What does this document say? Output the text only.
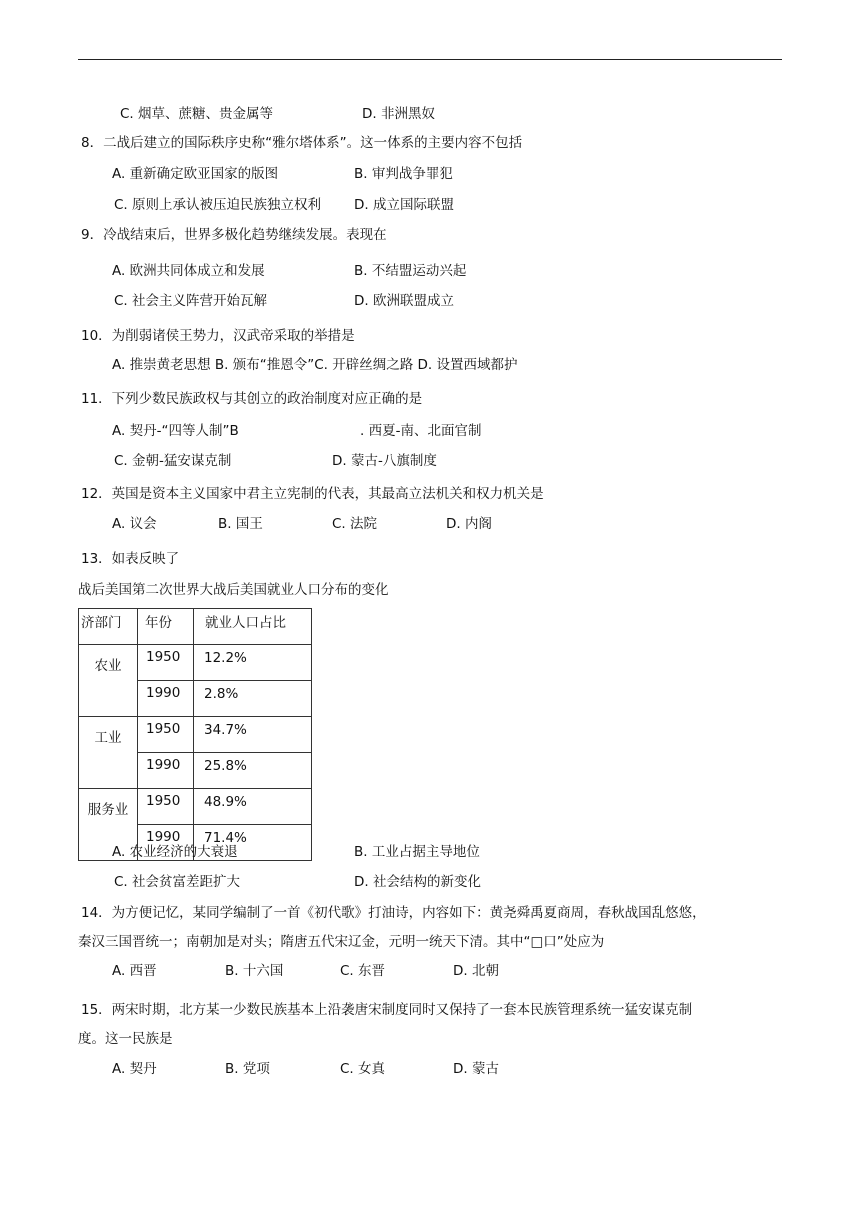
C. 烟草、蔗糖、贵金属等	D. 非洲黑奴
8．二战后建立的国际秩序史称“雅尔塔体系”。这一体系的主要内容不包括
A. 重新确定欧亚国家的版图	B. 审判战争罪犯
C. 原则上承认被压迫民族独立权利 D. 成立国际联盟
9．冷战结束后，世界多极化趋势继续发展。表现在
A. 欧洲共同体成立和发展	B. 不结盟运动兴起
C. 社会主义阵营开始瓦解	D. 欧洲联盟成立
10．为削弱诸侯王势力，汉武帝采取的举措是
A. 推崇黄老思想 B. 颁布“推恩令”C. 开辟丝绸之路 D. 设置西域都护
11．下列少数民族政权与其创立的政治制度对应正确的是
A. 契丹-“四等人制”B	. 西夏-南、北面官制
C. 金朝-猛安谋克制	D. 蒙古-八旗制度
12．英国是资本主义国家中君主立宪制的代表，其最高立法机关和权力机关是
A. 议会	B. 国王	C. 法院	D. 内阁
13．如表反映了
战后美国第二次世界大战后美国就业人口分布的变化
济部门	年份	就业人口占比
农业	1950	12.2%
	1990	2.8%
工业	1950	34.7%
	1990	25.8%
服务业	1950	48.9%
	1990	71.4%
A. 农业经济的大衰退	B. 工业占据主导地位
C. 社会贫富差距扩大	D. 社会结构的新变化
14．为方便记忆，某同学编制了一首《初代歌》打油诗，内容如下：黄尧舜禹夏商周，春秋战国乱悠悠，
秦汉三国晋统一；南朝加是对头；隋唐五代宋辽金，元明一统天下清。其中“□口”处应为
A. 西晋	B. 十六国	C. 东晋	D. 北朝
15．两宋时期，北方某一少数民族基本上沿袭唐宋制度同时又保持了一套本民族管理系统一猛安谋克制
度。这一民族是
A. 契丹	B. 党项	C. 女真	D. 蒙古
